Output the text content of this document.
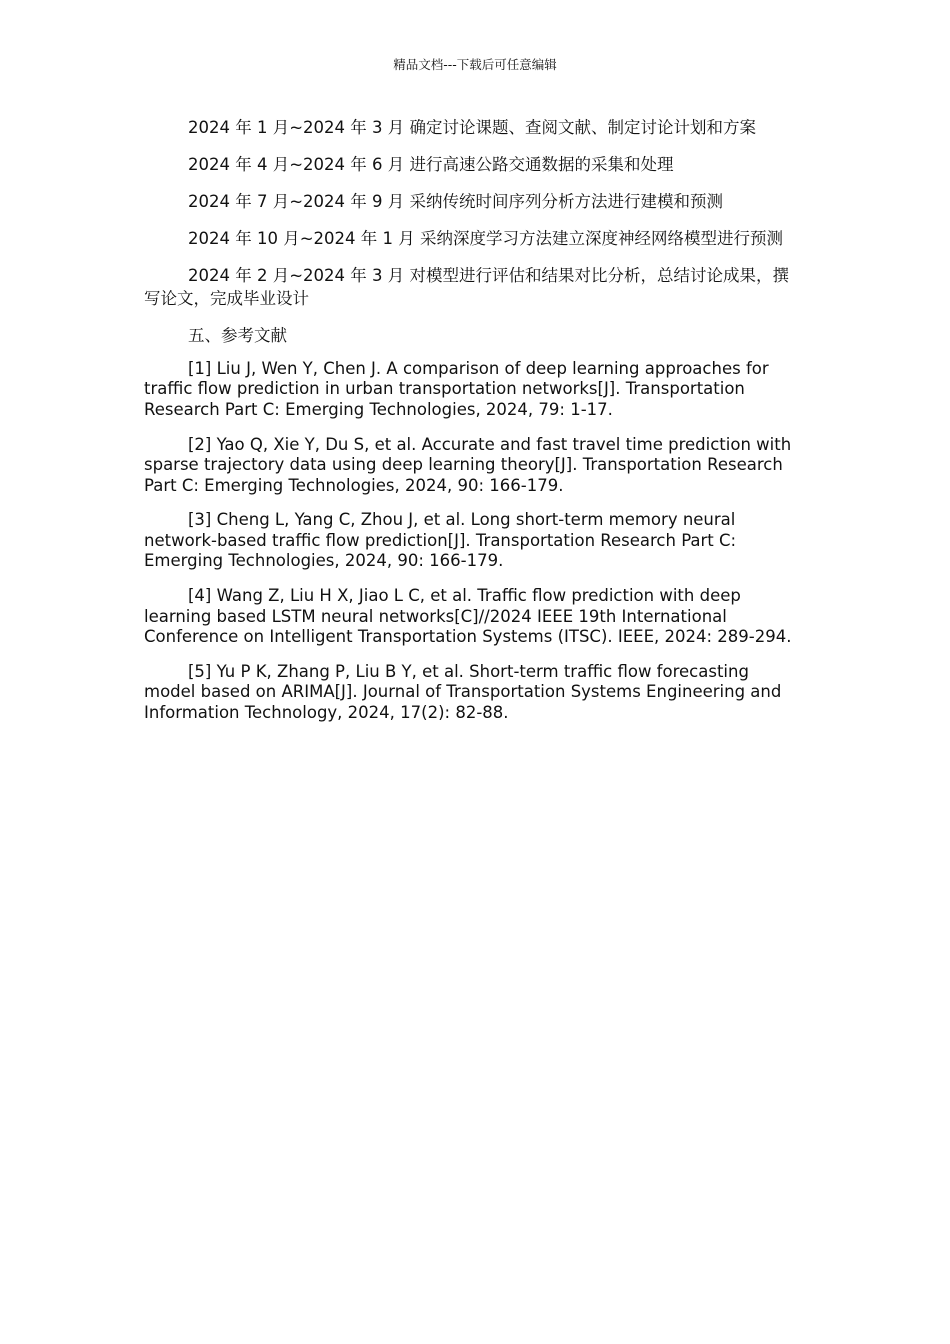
精品文档---下载后可任意编辑

2024 年 1 月~2024 年 3 月 确定讨论课题、查阅文献、制定讨论计划和方案

2024 年 4 月~2024 年 6 月 进行高速公路交通数据的采集和处理

2024 年 7 月~2024 年 9 月 采纳传统时间序列分析方法进行建模和预测

2024 年 10 月~2024 年 1 月 采纳深度学习方法建立深度神经网络模型进行预测

2024 年 2 月~2024 年 3 月 对模型进行评估和结果对比分析，总结讨论成果，撰写论文，完成毕业设计

五、参考文献

[1] Liu J, Wen Y, Chen J. A comparison of deep learning approaches for traffic flow prediction in urban transportation networks[J]. Transportation Research Part C: Emerging Technologies, 2024, 79: 1-17.

[2] Yao Q, Xie Y, Du S, et al. Accurate and fast travel time prediction with sparse trajectory data using deep learning theory[J]. Transportation Research Part C: Emerging Technologies, 2024, 90: 166-179.

[3] Cheng L, Yang C, Zhou J, et al. Long short-term memory neural network-based traffic flow prediction[J]. Transportation Research Part C: Emerging Technologies, 2024, 90: 166-179.

[4] Wang Z, Liu H X, Jiao L C, et al. Traffic flow prediction with deep learning based LSTM neural networks[C]//2024 IEEE 19th International Conference on Intelligent Transportation Systems (ITSC). IEEE, 2024: 289-294.

[5] Yu P K, Zhang P, Liu B Y, et al. Short-term traffic flow forecasting model based on ARIMA[J]. Journal of Transportation Systems Engineering and Information Technology, 2024, 17(2): 82-88.
